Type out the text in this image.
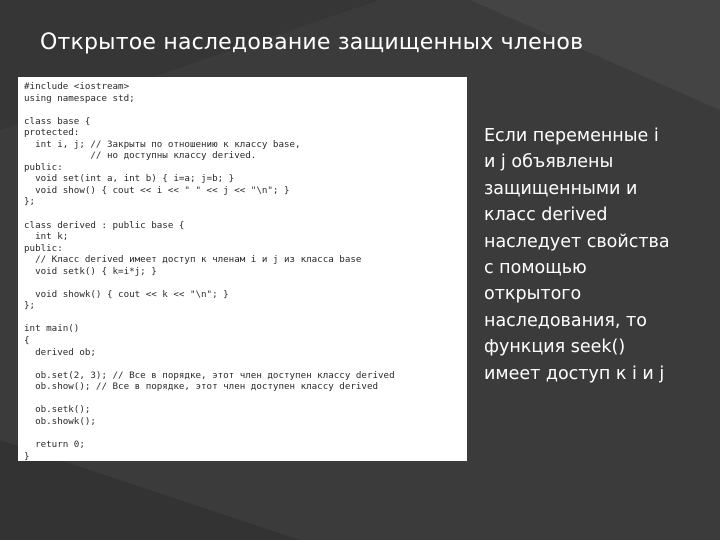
Открытое наследование защищенных членов
#include <iostream>
using namespace std;
class base {
protected:
int i, j; // Закрыты по отношению к классу base,
// но доступны классу derived.
public:
void set(int a, int b) { i=a; j=b; }
void show() { cout << i << " " << j << "\n"; }
};
class derived : public base {
int k;
public:
// Класс derived имеет доступ к членам i и j из класса base
void setk() { k=i*j; }
void showk() { cout << k << "\n"; }
};
int main()
{
derived ob;
ob.set(2, 3); // Все в порядке, этот член доступен классу derived
ob.show(); // Все в порядке, этот член доступен классу derived
ob.setk();
ob.showk();
return 0;
}
Если переменные i
и j объявлены
защищенными и
класс derived
наследует свойства
с помощью
открытого
наследования, то
функция seek()
имеет доступ к i и j
